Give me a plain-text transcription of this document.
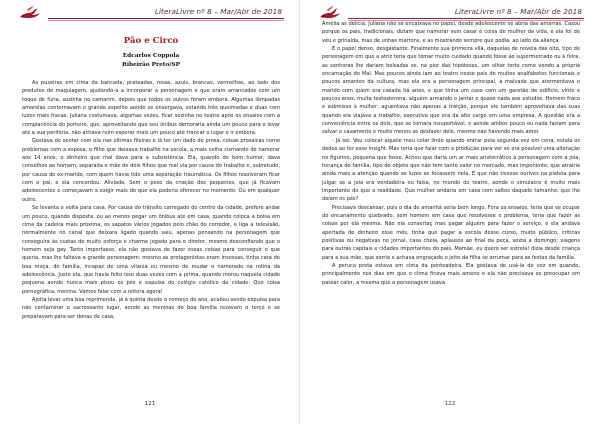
LiteraLivre nº 8 – Mar/Abr de 2018
Pão e Circo
Edcarlos Coppola
Ribeirão Preto/SP

As puseiras em cima da bancada, prateadas, rosas, azuis, brancas, vermelhas, ao lado dos produtos de maquiagem, ajudando-a a incorporar a personagem e que eram arrancados com um toque de fúria, sozinha no camarim, depois que todos os outros foram embora. Algumas lâmpadas amarelas contornavam o grande espelho aonde se enxergava, estando três queimadas e duas com luzes mais fracas. Juliana costumava, algumas vezes, ficar sozinha no teatro após os ensaios com a complacência do porteiro, que, aproveitando que seu ônibus demoraria ainda um pouco para o levar até a sua periferia, não achava ruim esperar mais um pouco até trancar o lugar e ir embora.

Gostava de sentar com ela nas últimas fileiras e lá ter um dado de prosa, coisas prosaicas como problemas com a esposa, o filho que deixava trabalho na escola, a mais velha cismando de namorar aos 14 anos, o dinheiro que mal dava para a subsistência. Ela, quando de bom humor, dava conselhos ao homem, separada e mãe de dois filhos que mal via por causa do trabalho e, sobretudo, por causa do ex-marido, com quem havia tido uma separação traumática. Os filhos resolveram ficar com o pai, e ela concordou. Aliviada. Sem o peso da criação dos pequenos, que já ficavam adolescentes e começavam a exigir mais do que ela poderia oferecer no momento. Ou em qualquer outro.

Se levanta e volta para casa. Por causa do trânsito carregado do centro da cidade, prefere andar um pouco, quando disposta, ou ao menos pegar um ônibus até em casa, quando coloca a bolsa em cima da cadeira mais próxima, os sapatos vários jogados pelo chão do corredor, e liga a televisão, normalmente no canal que deixara ligado quando saiu, apenas pensando na personagem que conseguira às custas de muito esforço e charme jogado para o diretor, mesmo desconfiando que o homem seja gay. Tanto importasse, ela não gostava de fazer essas coisas para conseguir o que queria, mas lhe faltava a grande personagem: mesmo as protagonistas eram insossas, tinha cara de boa moça, de família, incapaz de uma vilania ou mesmo de mudar o namorado na rotina da adolescência. Justo ela, que havia feito isso duas vezes com a prima, quando morou naquela cidade pequena aonde nunca mais pisou os pés e expulsa do colégio católico da cidade: Que coisa pornográfica, menina. Vamos falar com a reitora agora!

Ajeita levar uma boa reprimenda, já à quinta desde o começo do ano, acabou sendo expulsa para não contaminar o sacrossanto lugar, aonde as meninas de boa família rezavam o terço e se preparavam para ser donas de casa,

121
LiteraLivre nº 8 – Mar/Abr de 2018

Amélia as delícia. Juliana não se encaixava no papel, desde adolescente se abria das amarras. Casou porque os pais, tradicionais, diziam que namorar sem casar é coisa de mulher da vida, e ela foi de véu e grinalda, mas de unhas marrons, e as mostrando sempre que podia, ao lado da aliança.

E o papel denso, desgastante. Finalmente sua primeira vilã, daquelas de novela das oito, tipo de personagem em que a atriz teria que tomar muito cuidado quando fosse ao supermercado ou à feira, as senhoras lhe dariam bolsadas se, na pior das hipóteses, um olhar torto como vendo a própria encarnação do Mal. Mas poucos ainda iam ao teatro nesse país de muitos analfabetos funcionais e poucos amantes da cultura, mas ela era a personagem principal, a malvada que atormentava o marido com quem era casada há anos, e que tinha um caso com um garotão de edifício, vinte e poucos anos, muita testosterona, alguém armando o jantar e quase nada aos estudos. Homem fraco e submisso à mulher, aguentava não apenas a traição, porque ele também aproveitava das suas quando ela viajava a trabalho, executiva que era da alto cargo em uma empresa. A questão era a conveniência entre os dois, que se tomara insuportável, e aonde ambos pouco ou nada faziam para salvar o casamento e muito menos se desfazer dele, mesmo não havendo mais amor.

- Já sei. Vou colocar aquele meu colar lindo quando entrar pela segunda vez em cena, estala os dedos ao ter esse insight. Mas teria que falar com a produção para ver se era possível uma alteração no figurino, pequena que fosse. Achou que daria um ar mais aristocrático à personagem com a joia, herança de família, tipo de objeto que não tem tanto valor no mercado, mas imponente, que atrairia ainda mais a atenção quando as luzes se focassem nela. E que não tivesse ourives na plateia para julgar se a joia era verdadeira ou falsa, no mundo do teatro, aonde o simulacro é muito mais importante do que a realidade. Que mulher andaria em casa com saltos daquele tamanho, que lhe doíam os pés?

Precisava descansar, pois o dia de amanhã seria bem longo. Fora os ensaios, teria que se ocupar do encanamento quebrado, sem homem em casa que resolvesse o problema, teria que fazer as coisas por ela mesma. Não ela consertaç mas pagar alguém para fazer o serviço, e ela andava apertada de dinheiro esse mês, tinha que pagar a escola desse curso, muito público, críticas positivas ou negativas no jornal, casa cheia, aplausos ao final da peça, sexta a domingo; viagens para outras capitais e cidades importantes do país. Mamãe, eu quero ser estrela! dizia desde criança para a sua mãe, que sorria e achava engraçado o jeito da filha se arrumar para as festas da família.

A peruca preta estava em cima da penteadeira. Ela gostava de usá-la de vez em quando, principalmente nos dias em que o clima ficava mais ameno e ela não precisava se preocupar em passar calor, a mesma que a personagem usava

122
